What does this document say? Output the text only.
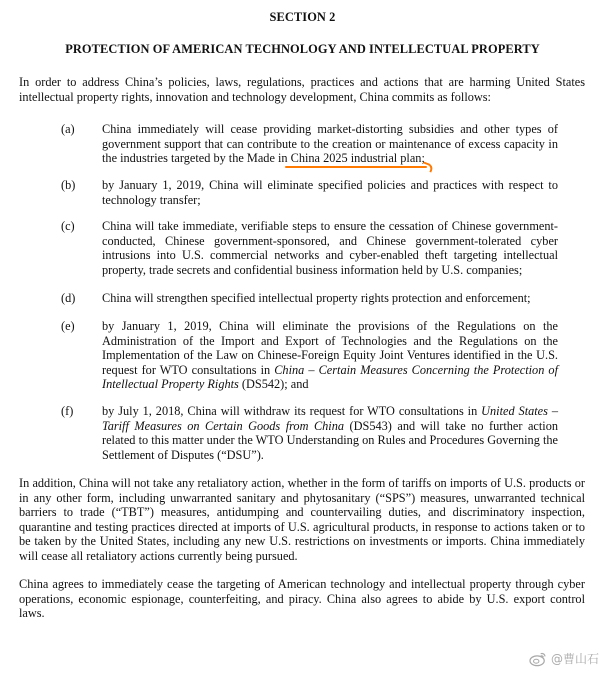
SECTION 2
PROTECTION OF AMERICAN TECHNOLOGY AND INTELLECTUAL PROPERTY
In order to address China’s policies, laws, regulations, practices and actions that are harming United States intellectual property rights, innovation and technology development, China commits as follows:
(a) China immediately will cease providing market-distorting subsidies and other types of government support that can contribute to the creation or maintenance of excess capacity in the industries targeted by the Made in China 2025 industrial plan;
(b) by January 1, 2019, China will eliminate specified policies and practices with respect to technology transfer;
(c) China will take immediate, verifiable steps to ensure the cessation of Chinese government-conducted, Chinese government-sponsored, and Chinese government-tolerated cyber intrusions into U.S. commercial networks and cyber-enabled theft targeting intellectual property, trade secrets and confidential business information held by U.S. companies;
(d) China will strengthen specified intellectual property rights protection and enforcement;
(e) by January 1, 2019, China will eliminate the provisions of the Regulations on the Administration of the Import and Export of Technologies and the Regulations on the Implementation of the Law on Chinese-Foreign Equity Joint Ventures identified in the U.S. request for WTO consultations in China – Certain Measures Concerning the Protection of Intellectual Property Rights (DS542); and
(f) by July 1, 2018, China will withdraw its request for WTO consultations in United States – Tariff Measures on Certain Goods from China (DS543) and will take no further action related to this matter under the WTO Understanding on Rules and Procedures Governing the Settlement of Disputes (“DSU”).
In addition, China will not take any retaliatory action, whether in the form of tariffs on imports of U.S. products or in any other form, including unwarranted sanitary and phytosanitary (“SPS”) measures, unwarranted technical barriers to trade (“TBT”) measures, antidumping and countervailing duties, and discriminatory inspection, quarantine and testing practices directed at imports of U.S. agricultural products, in response to actions taken or to be taken by the United States, including any new U.S. restrictions on investments or imports. China immediately will cease all retaliatory actions currently being pursued.
China agrees to immediately cease the targeting of American technology and intellectual property through cyber operations, economic espionage, counterfeiting, and piracy. China also agrees to abide by U.S. export control laws.
@曹山石
